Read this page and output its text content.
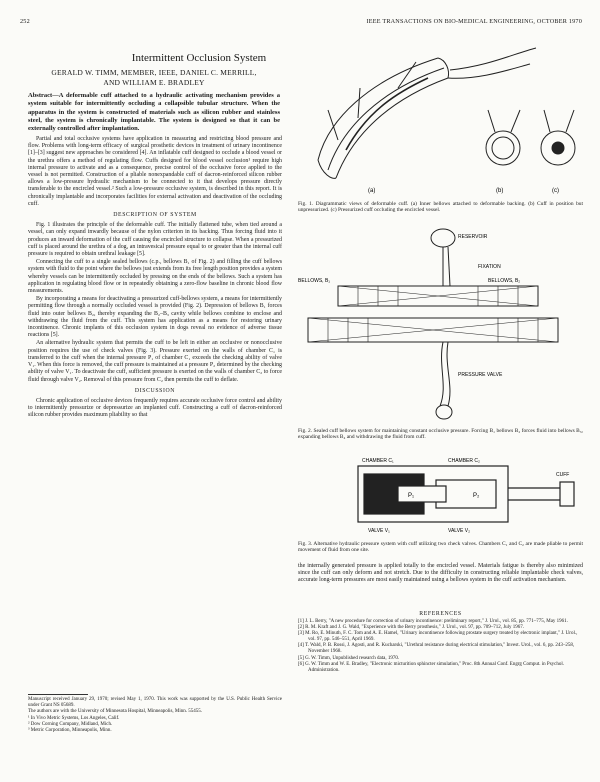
252	IEEE TRANSACTIONS ON BIO-MEDICAL ENGINEERING, OCTOBER 1970
Intermittent Occlusion System
GERALD W. TIMM, MEMBER, IEEE, DANIEL C. MERRILL,
AND WILLIAM E. BRADLEY
Abstract—A deformable cuff attached to a hydraulic activating mechanism provides a system suitable for intermittently occluding a collapsible tubular structure. When the apparatus in the system is constructed of materials such as silicon rubber and stainless steel, the system is chronically implantable. The system is designed so that it can be externally controlled after implantation.

Partial and total occlusive systems have application in measuring and restricting blood pressure and flow. Problems with long-term efficacy of surgical prosthetic devices in treatment of urinary incontinence [1]–[3] suggest new approaches be considered [4]. An inflatable cuff designed to occlude a blood vessel or the urethra offers a method of regulating flow. Cuffs designed for blood vessel occlusion¹ require high internal pressure to activate and as a consequence, precise control of the occlusive force applied to the vessel is not permitted. Construction of a pliable nonexpandable cuff of dacron-reinforced silicon rubber allows a low-pressure hydraulic mechanism to be connected to it that develops pressure directly transferable to the encircled vessel.² Such a low-pressure occlusive system, is described in this report. It is chronically implantable and incorporates facilities for external activation and deactivation of the occluding cuff.

DESCRIPTION OF SYSTEM

Fig. 1 illustrates the principle of the deformable cuff. The initially flattened tube, when tied around a vessel, can only expand inwardly because of the nylon criterion in its backing. Thus forcing fluid into it produces an inward deformation of the cuff causing the encircled structure to collapse. When a pressurized cuff is placed around the urethra of a dog, an intravesical pressure equal to or greater than the internal cuff pressure is required to obtain urethral leakage [5].

Connecting the cuff to a single sealed bellows (c.p., bellows B₁ of Fig. 2) and filling the cuff bellows system with fluid to the point where the bellows just extends from its free length position provides a system whereby vessels can be intermittently occluded by pressing on the ends of the bellows. Such a system has application in regulating blood flow or in repeatedly obtaining a zero-flow baseline in chronic blood flow measurements.

By incorporating a means for deactivating a pressurized cuff-bellows system, a means for intermittently permitting flow through a normally occluded vessel is provided (Fig. 2). Depression of bellows B₁ forces fluid into outer bellows B₂, thereby expanding the B₂–B₃ cavity while bellows combine to enclose and withdrawing the fluid from the cuff. This system has application as a means for restoring urinary incontinence. Chronic implants of this occlusion system in dogs reveal no evidence of adverse tissue reactions [5].

An alternative hydraulic system that permits the cuff to be left in either an occlusive or nonocclusive position requires the use of check valves (Fig. 3). Pressure exerted on the walls of chamber C₁ is transferred to the cuff when the internal pressure P₁ of chamber C₁ exceeds the checking ability of valve V₁. When this force is removed, the cuff pressure is maintained at a pressure P₂ determined by the checking ability of valve V₁. To deactivate the cuff, sufficient pressure is exerted on the walls of chamber C₂ to force fluid through valve V₂. Removal of this pressure from C₂ then permits the cuff to deflate.

DISCUSSION

Chronic application of occlusive devices frequently requires accurate occlusive force control and ability to intermittently pressurize or depressurize an implanted cuff. Constructing a cuff of dacron-reinforced silicon rubber provides maximum pliability so that

Manuscript received January 29, 1970; revised May 1, 1970. This work was supported by the U.S. Public Health Service under Grant NS 05689.
The authors are with the University of Minnesota Hospital, Minneapolis, Minn. 55455.
¹ In Vivo Metric Systems, Los Angeles, Calif.
² Dow Corning Company, Midland, Mich.
³ Metric Corporation, Minneapolis, Minn.
(a)	(b)	(c)
Fig. 1. Diagrammatic views of deformable cuff. (a) Inner bellows attached to deformable backing. (b) Cuff in position but unpressurized. (c) Pressurized cuff occluding the encircled vessel.
RESERVOIR
FIXATION
BELLOWS, B₁	BELLOWS, B₂
PRESSURE VALVE
Fig. 2. Sealed cuff bellows system for maintaining constant occlusive pressure. Forcing B₁ bellows B₂ forces fluid into bellows B₃, expanding bellows B₄ and withdrawing the fluid from cuff.
CHAMBER C₁	CHAMBER C₂
VALVE V₁	VALVE V₂
P₁	P₂
CUFF
Fig. 3. Alternative hydraulic pressure system with cuff utilizing two check valves. Chambers C₁ and C₂ are made pliable to permit movement of fluid from one site.
the internally generated pressure is applied totally to the encircled vessel. Materials fatigue is thereby also minimized since the cuff can only deform and not stretch. Due to the difficulty in constructing reliable implantable check valves, accurate long-term pressures are most easily maintained using a bellows system in the cuff activation mechanism.
REFERENCES
[1] J. L. Berry, "A new procedure for correction of urinary incontinence: preliminary report," J. Urol., vol. 85, pp. 771–775, May 1961.
[2] R. M. Kraft and J. G. Wald, "Experience with the Berry prosthesis," J. Urol., vol. 97, pp. 709–712, July 1967.
[3] M. Ro, E. Minuth, F. C. Tom and A. E. Hamel, "Urinary incontinence following prostate surgery treated by electronic implant," J. Urol., vol. 97, pp. 546–551, April 1969.
[4] T. Wald, P. B. Rossi, J. Agosti, and R. Kucharski, "Urethral resistance during electrical stimulation," Invest. Urol., vol. 6, pp. 243–258, November 1968.
[5] G. W. Timm, Unpublished research data, 1970.
[6] G. W. Timm and W. E. Bradley, "Electronic micturition sphincter simulation," Proc. 8th Annual Conf. Engrg Comput. in Psychol. Administration.
